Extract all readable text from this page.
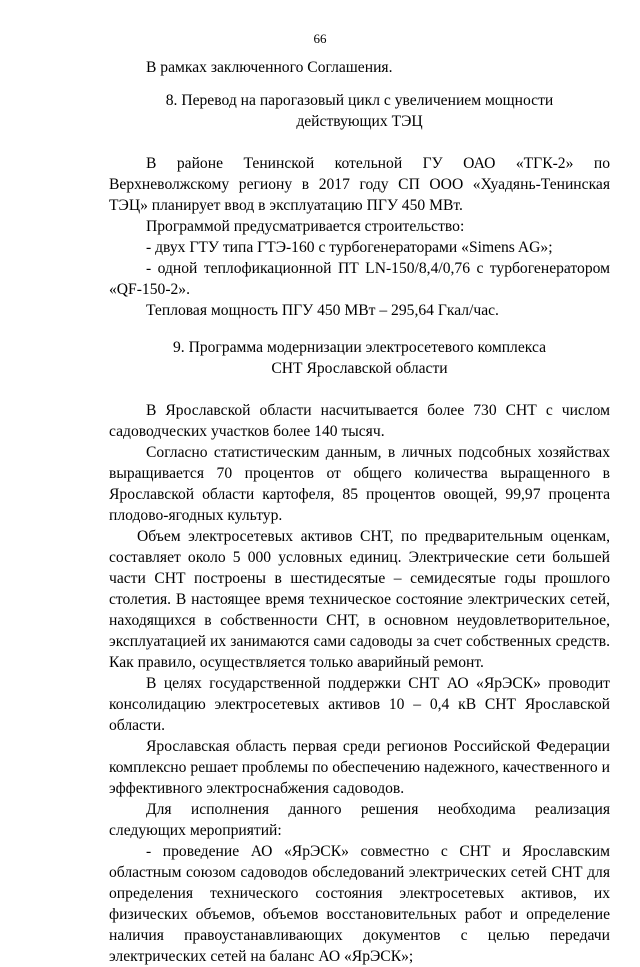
66

В рамках заключенного Соглашения.

8. Перевод на парогазовый цикл с увеличением мощности

действующих ТЭЦ

В районе Тенинской котельной ГУ ОАО «ТГК-2» по Верхневолжскому региону в 2017 году СП ООО «Хуадянь-Тенинская ТЭЦ» планирует ввод в эксплуатацию ПГУ 450 МВт.

Программой предусматривается строительство:

- двух ГТУ типа ГТЭ-160 с турбогенераторами «Simens AG»;

- одной теплофикационной ПТ LN-150/8,4/0,76 с турбогенератором «QF-150-2».

Тепловая мощность ПГУ 450 МВт – 295,64 Гкал/час.

9. Программа модернизации электросетевого комплекса

СНТ Ярославской области

В Ярославской области насчитывается более 730 СНТ с числом садоводческих участков более 140 тысяч.

Согласно статистическим данным, в личных подсобных хозяйствах выращивается 70 процентов от общего количества выращенного в Ярославской области картофеля, 85 процентов овощей, 99,97 процента плодово-ягодных культур.

Объем электросетевых активов СНТ, по предварительным оценкам, составляет около 5 000 условных единиц. Электрические сети большей части СНТ построены в шестидесятые – семидесятые годы прошлого столетия. В настоящее время техническое состояние электрических сетей, находящихся в собственности СНТ, в основном неудовлетворительное, эксплуатацией их занимаются сами садоводы за счет собственных средств. Как правило, осуществляется только аварийный ремонт.

В целях государственной поддержки СНТ АО «ЯрЭСК» проводит консолидацию электросетевых активов 10 – 0,4 кВ СНТ Ярославской области.

Ярославская область первая среди регионов Российской Федерации комплексно решает проблемы по обеспечению надежного, качественного и эффективного электроснабжения садоводов.

Для исполнения данного решения необходима реализация следующих мероприятий:

- проведение АО «ЯрЭСК» совместно с СНТ и Ярославским областным союзом садоводов обследований электрических сетей СНТ для определения технического состояния электросетевых активов, их физических объемов, объемов восстановительных работ и определение наличия правоустанавливающих документов с целью передачи электрических сетей на баланс АО «ЯрЭСК»;
